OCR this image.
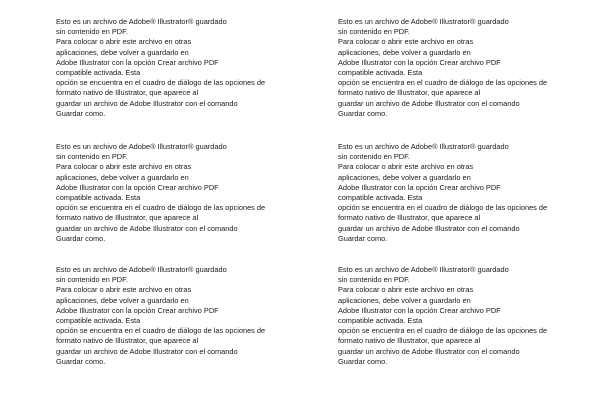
Esto es un archivo de Adobe® Illustrator® guardado
sin contenido en PDF.
Para colocar o abrir este archivo en otras
aplicaciones, debe volver a guardarlo en
Adobe Illustrator con la opción Crear archivo PDF
compatible activada. Esta
opción se encuentra en el cuadro de diálogo de las opciones de
formato nativo de Illustrator, que aparece al
guardar un archivo de Adobe Illustrator con el comando
Guardar como.
Esto es un archivo de Adobe® Illustrator® guardado
sin contenido en PDF.
Para colocar o abrir este archivo en otras
aplicaciones, debe volver a guardarlo en
Adobe Illustrator con la opción Crear archivo PDF
compatible activada. Esta
opción se encuentra en el cuadro de diálogo de las opciones de
formato nativo de Illustrator, que aparece al
guardar un archivo de Adobe Illustrator con el comando
Guardar como.
Esto es un archivo de Adobe® Illustrator® guardado
sin contenido en PDF.
Para colocar o abrir este archivo en otras
aplicaciones, debe volver a guardarlo en
Adobe Illustrator con la opción Crear archivo PDF
compatible activada. Esta
opción se encuentra en el cuadro de diálogo de las opciones de
formato nativo de Illustrator, que aparece al
guardar un archivo de Adobe Illustrator con el comando
Guardar como.
Esto es un archivo de Adobe® Illustrator® guardado
sin contenido en PDF.
Para colocar o abrir este archivo en otras
aplicaciones, debe volver a guardarlo en
Adobe Illustrator con la opción Crear archivo PDF
compatible activada. Esta
opción se encuentra en el cuadro de diálogo de las opciones de
formato nativo de Illustrator, que aparece al
guardar un archivo de Adobe Illustrator con el comando
Guardar como.
Esto es un archivo de Adobe® Illustrator® guardado
sin contenido en PDF.
Para colocar o abrir este archivo en otras
aplicaciones, debe volver a guardarlo en
Adobe Illustrator con la opción Crear archivo PDF
compatible activada. Esta
opción se encuentra en el cuadro de diálogo de las opciones de
formato nativo de Illustrator, que aparece al
guardar un archivo de Adobe Illustrator con el comando
Guardar como.
Esto es un archivo de Adobe® Illustrator® guardado
sin contenido en PDF.
Para colocar o abrir este archivo en otras
aplicaciones, debe volver a guardarlo en
Adobe Illustrator con la opción Crear archivo PDF
compatible activada. Esta
opción se encuentra en el cuadro de diálogo de las opciones de
formato nativo de Illustrator, que aparece al
guardar un archivo de Adobe Illustrator con el comando
Guardar como.
